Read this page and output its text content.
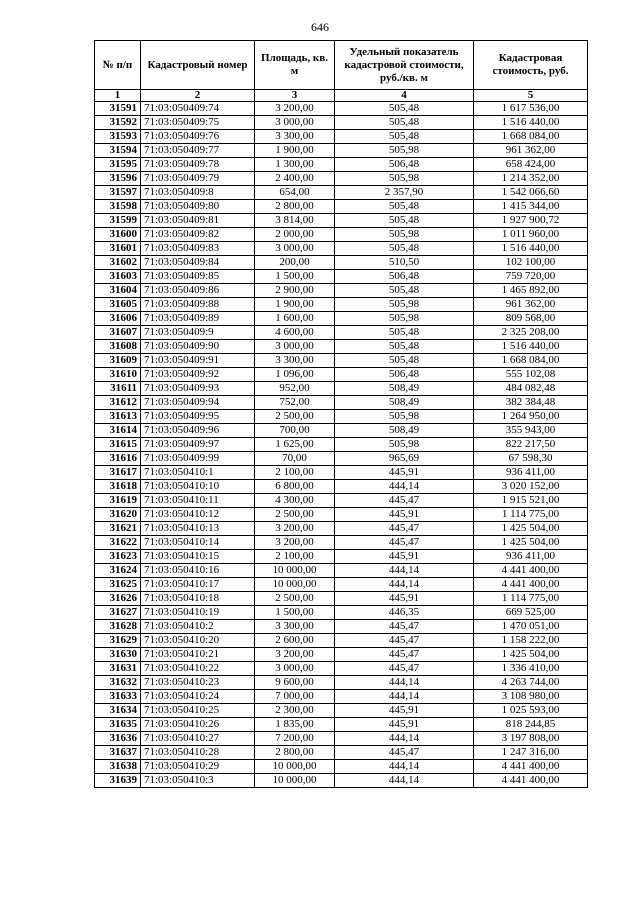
646
№ п/п	Кадастровый номер	Площадь, кв. м	Удельный показатель кадастровой стоимости, руб./кв. м	Кадастровая стоимость, руб.
1	2	3	4	5
31591	71:03:050409:74	3 200,00	505,48	1 617 536,00
31592	71:03:050409:75	3 000,00	505,48	1 516 440,00
31593	71:03:050409:76	3 300,00	505,48	1 668 084,00
31594	71:03:050409:77	1 900,00	505,98	961 362,00
31595	71:03:050409:78	1 300,00	506,48	658 424,00
31596	71:03:050409:79	2 400,00	505,98	1 214 352,00
31597	71:03:050409:8	654,00	2 357,90	1 542 066,60
31598	71:03:050409:80	2 800,00	505,48	1 415 344,00
31599	71:03:050409:81	3 814,00	505,48	1 927 900,72
31600	71:03:050409:82	2 000,00	505,98	1 011 960,00
31601	71:03:050409:83	3 000,00	505,48	1 516 440,00
31602	71:03:050409:84	200,00	510,50	102 100,00
31603	71:03:050409:85	1 500,00	506,48	759 720,00
31604	71:03:050409:86	2 900,00	505,48	1 465 892,00
31605	71:03:050409:88	1 900,00	505,98	961 362,00
31606	71:03:050409:89	1 600,00	505,98	809 568,00
31607	71:03:050409:9	4 600,00	505,48	2 325 208,00
31608	71:03:050409:90	3 000,00	505,48	1 516 440,00
31609	71:03:050409:91	3 300,00	505,48	1 668 084,00
31610	71:03:050409:92	1 096,00	506,48	555 102,08
31611	71:03:050409:93	952,00	508,49	484 082,48
31612	71:03:050409:94	752,00	508,49	382 384,48
31613	71:03:050409:95	2 500,00	505,98	1 264 950,00
31614	71:03:050409:96	700,00	508,49	355 943,00
31615	71:03:050409:97	1 625,00	505,98	822 217,50
31616	71:03:050409:99	70,00	965,69	67 598,30
31617	71:03:050410:1	2 100,00	445,91	936 411,00
31618	71:03:050410:10	6 800,00	444,14	3 020 152,00
31619	71:03:050410:11	4 300,00	445,47	1 915 521,00
31620	71:03:050410:12	2 500,00	445,91	1 114 775,00
31621	71:03:050410:13	3 200,00	445,47	1 425 504,00
31622	71:03:050410:14	3 200,00	445,47	1 425 504,00
31623	71:03:050410:15	2 100,00	445,91	936 411,00
31624	71:03:050410:16	10 000,00	444,14	4 441 400,00
31625	71:03:050410:17	10 000,00	444,14	4 441 400,00
31626	71:03:050410:18	2 500,00	445,91	1 114 775,00
31627	71:03:050410:19	1 500,00	446,35	669 525,00
31628	71:03:050410:2	3 300,00	445,47	1 470 051,00
31629	71:03:050410:20	2 600,00	445,47	1 158 222,00
31630	71:03:050410:21	3 200,00	445,47	1 425 504,00
31631	71:03:050410:22	3 000,00	445,47	1 336 410,00
31632	71:03:050410:23	9 600,00	444,14	4 263 744,00
31633	71:03:050410:24	7 000,00	444,14	3 108 980,00
31634	71:03:050410:25	2 300,00	445,91	1 025 593,00
31635	71:03:050410:26	1 835,00	445,91	818 244,85
31636	71:03:050410:27	7 200,00	444,14	3 197 808,00
31637	71:03:050410:28	2 800,00	445,47	1 247 316,00
31638	71:03:050410:29	10 000,00	444,14	4 441 400,00
31639	71:03:050410:3	10 000,00	444,14	4 441 400,00
